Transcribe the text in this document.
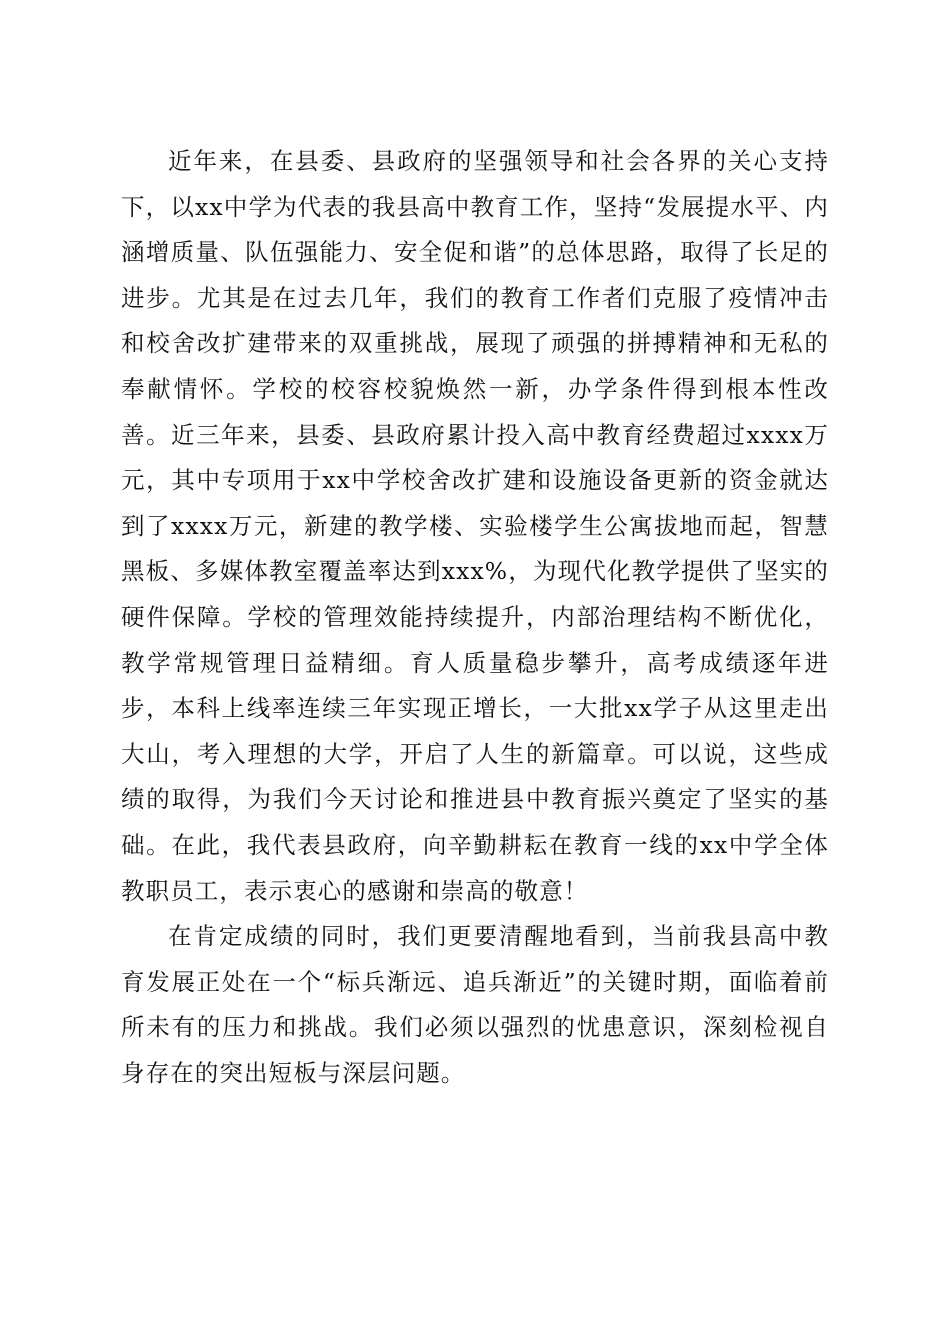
近年来，在县委、县政府的坚强领导和社会各界的关心支持下，以xx中学为代表的我县高中教育工作，坚持“发展提水平、内涵增质量、队伍强能力、安全促和谐”的总体思路，取得了长足的进步。尤其是在过去几年，我们的教育工作者们克服了疫情冲击和校舍改扩建带来的双重挑战，展现了顽强的拼搏精神和无私的奉献情怀。学校的校容校貌焕然一新，办学条件得到根本性改善。近三年来，县委、县政府累计投入高中教育经费超过xxxx万元，其中专项用于xx中学校舍改扩建和设施设备更新的资金就达到了xxxx万元，新建的教学楼、实验楼学生公寓拔地而起，智慧黑板、多媒体教室覆盖率达到xxx%，为现代化教学提供了坚实的硬件保障。学校的管理效能持续提升，内部治理结构不断优化，教学常规管理日益精细。育人质量稳步攀升，高考成绩逐年进步，本科上线率连续三年实现正增长，一大批xx学子从这里走出大山，考入理想的大学，开启了人生的新篇章。可以说，这些成绩的取得，为我们今天讨论和推进县中教育振兴奠定了坚实的基础。在此，我代表县政府，向辛勤耕耘在教育一线的xx中学全体教职员工，表示衷心的感谢和崇高的敬意！

在肯定成绩的同时，我们更要清醒地看到，当前我县高中教育发展正处在一个“标兵渐远、追兵渐近”的关键时期，面临着前所未有的压力和挑战。我们必须以强烈的忧患意识，深刻检视自身存在的突出短板与深层问题。
